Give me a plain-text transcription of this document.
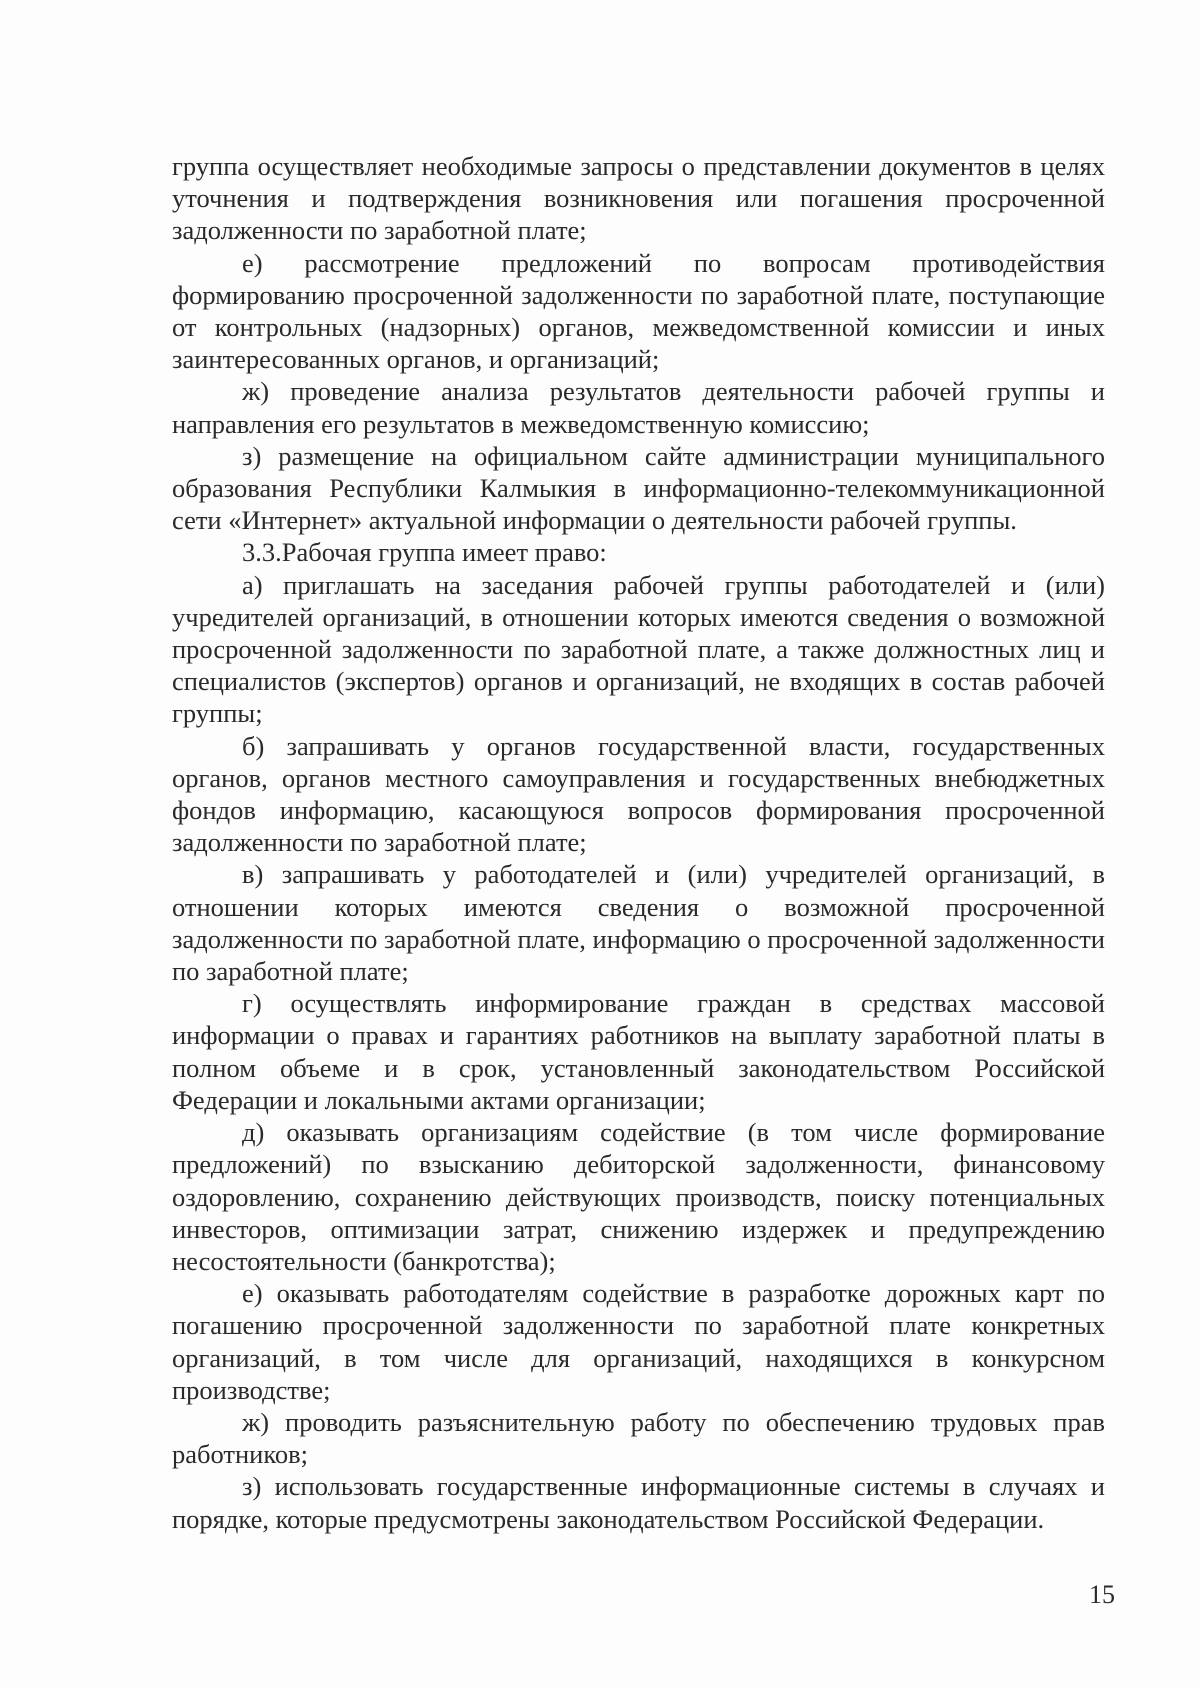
группа осуществляет необходимые запросы о представлении документов в целях уточнения и подтверждения возникновения или погашения просроченной задолженности по заработной плате;

е) рассмотрение предложений по вопросам противодействия формированию просроченной задолженности по заработной плате, поступающие от контрольных (надзорных) органов, межведомственной комиссии и иных заинтересованных органов, и организаций;

ж) проведение анализа результатов деятельности рабочей группы и направления его результатов в межведомственную комиссию;

з) размещение на официальном сайте администрации муниципального образования Республики Калмыкия в информационно-телекоммуникационной сети «Интернет» актуальной информации о деятельности рабочей группы.

3.3.Рабочая группа имеет право:

а) приглашать на заседания рабочей группы работодателей и (или) учредителей организаций, в отношении которых имеются сведения о возможной просроченной задолженности по заработной плате, а также должностных лиц и специалистов (экспертов) органов и организаций, не входящих в состав рабочей группы;

б) запрашивать у органов государственной власти, государственных органов, органов местного самоуправления и государственных внебюджетных фондов информацию, касающуюся вопросов формирования просроченной задолженности по заработной плате;

в) запрашивать у работодателей и (или) учредителей организаций, в отношении которых имеются сведения о возможной просроченной задолженности по заработной плате, информацию о просроченной задолженности по заработной плате;

г) осуществлять информирование граждан в средствах массовой информации о правах и гарантиях работников на выплату заработной платы в полном объеме и в срок, установленный законодательством Российской Федерации и локальными актами организации;

д) оказывать организациям содействие (в том числе формирование предложений) по взысканию дебиторской задолженности, финансовому оздоровлению, сохранению действующих производств, поиску потенциальных инвесторов, оптимизации затрат, снижению издержек и предупреждению несостоятельности (банкротства);

е) оказывать работодателям содействие в разработке дорожных карт по погашению просроченной задолженности по заработной плате конкретных организаций, в том числе для организаций, находящихся в конкурсном производстве;

ж) проводить разъяснительную работу по обеспечению трудовых прав работников;

з) использовать государственные информационные системы в случаях и порядке, которые предусмотрены законодательством Российской Федерации.

15
